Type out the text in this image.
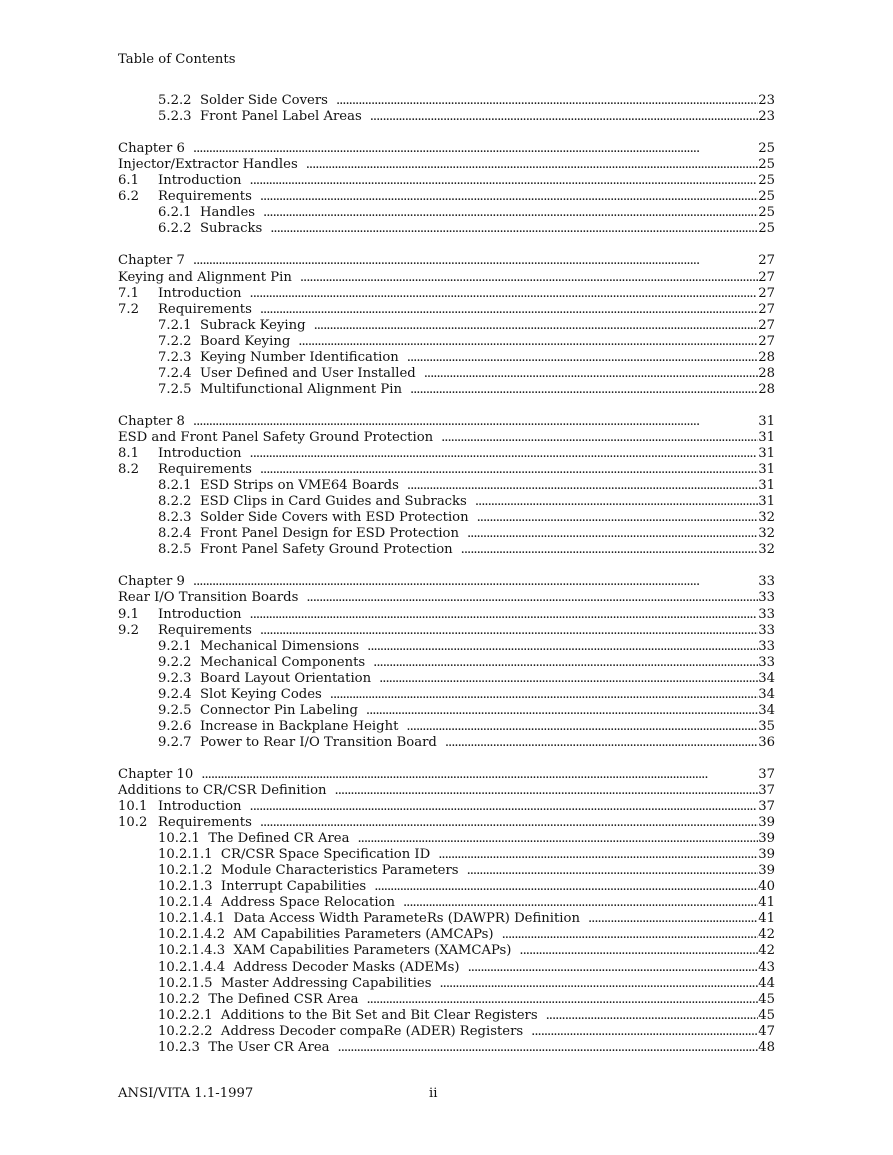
Table of Contents
5.2.2 Solder Side Covers . . .	23
5.2.3 Front Panel Label Areas . . .	23
Chapter 6 . . .	25
Injector/Extractor Handles . . .	25
6.1 Introduction . . .	25
6.2 Requirements . . .	25
6.2.1 Handles . . .	25
6.2.2 Subracks . . .	25
Chapter 7 . . .	27
Keying and Alignment Pin . . .	27
7.1 Introduction . . .	27
7.2 Requirements . . .	27
7.2.1 Subrack Keying . . .	27
7.2.2 Board Keying . . .	27
7.2.3 Keying Number Identification . . .	28
7.2.4 User Defined and User Installed . . .	28
7.2.5 Multifunctional Alignment Pin . . .	28
Chapter 8 . . .	31
ESD and Front Panel Safety Ground Protection . . .	31
8.1 Introduction . . .	31
8.2 Requirements . . .	31
8.2.1 ESD Strips on VME64 Boards . . .	31
8.2.2 ESD Clips in Card Guides and Subracks . . .	31
8.2.3 Solder Side Covers with ESD Protection . . .	32
8.2.4 Front Panel Design for ESD Protection . . .	32
8.2.5 Front Panel Safety Ground Protection . . .	32
Chapter 9 . . .	33
Rear I/O Transition Boards . . .	33
9.1 Introduction . . .	33
9.2 Requirements . . .	33
9.2.1 Mechanical Dimensions . . .	33
9.2.2 Mechanical Components . . .	33
9.2.3 Board Layout Orientation . . .	34
9.2.4 Slot Keying Codes . . .	34
9.2.5 Connector Pin Labeling . . .	34
9.2.6 Increase in Backplane Height . . .	35
9.2.7 Power to Rear I/O Transition Board . . .	36
Chapter 10 . . .	37
Additions to CR/CSR Definition . . .	37
10.1 Introduction . . .	37
10.2 Requirements . . .	39
10.2.1 The Defined CR Area . . .	39
10.2.1.1 CR/CSR Space Specification ID . . .	39
10.2.1.2 Module Characteristics Parameters . . .	39
10.2.1.3 Interrupt Capabilities . . .	40
10.2.1.4 Address Space Relocation . . .	41
10.2.1.4.1 Data Access Width ParameteRs (DAWPR) Definition . . .	41
10.2.1.4.2 AM Capabilities Parameters (AMCAPs) . . .	42
10.2.1.4.3 XAM Capabilities Parameters (XAMCAPs) . . .	42
10.2.1.4.4 Address Decoder Masks (ADEMs) . . .	43
10.2.1.5 Master Addressing Capabilities . . .	44
10.2.2 The Defined CSR Area . . .	45
10.2.2.1 Additions to the Bit Set and Bit Clear Registers . . .	45
10.2.2.2 Address Decoder compaRe (ADER) Registers . . .	47
10.2.3 The User CR Area . . .	48
ANSI/VITA 1.1-1997	ii
